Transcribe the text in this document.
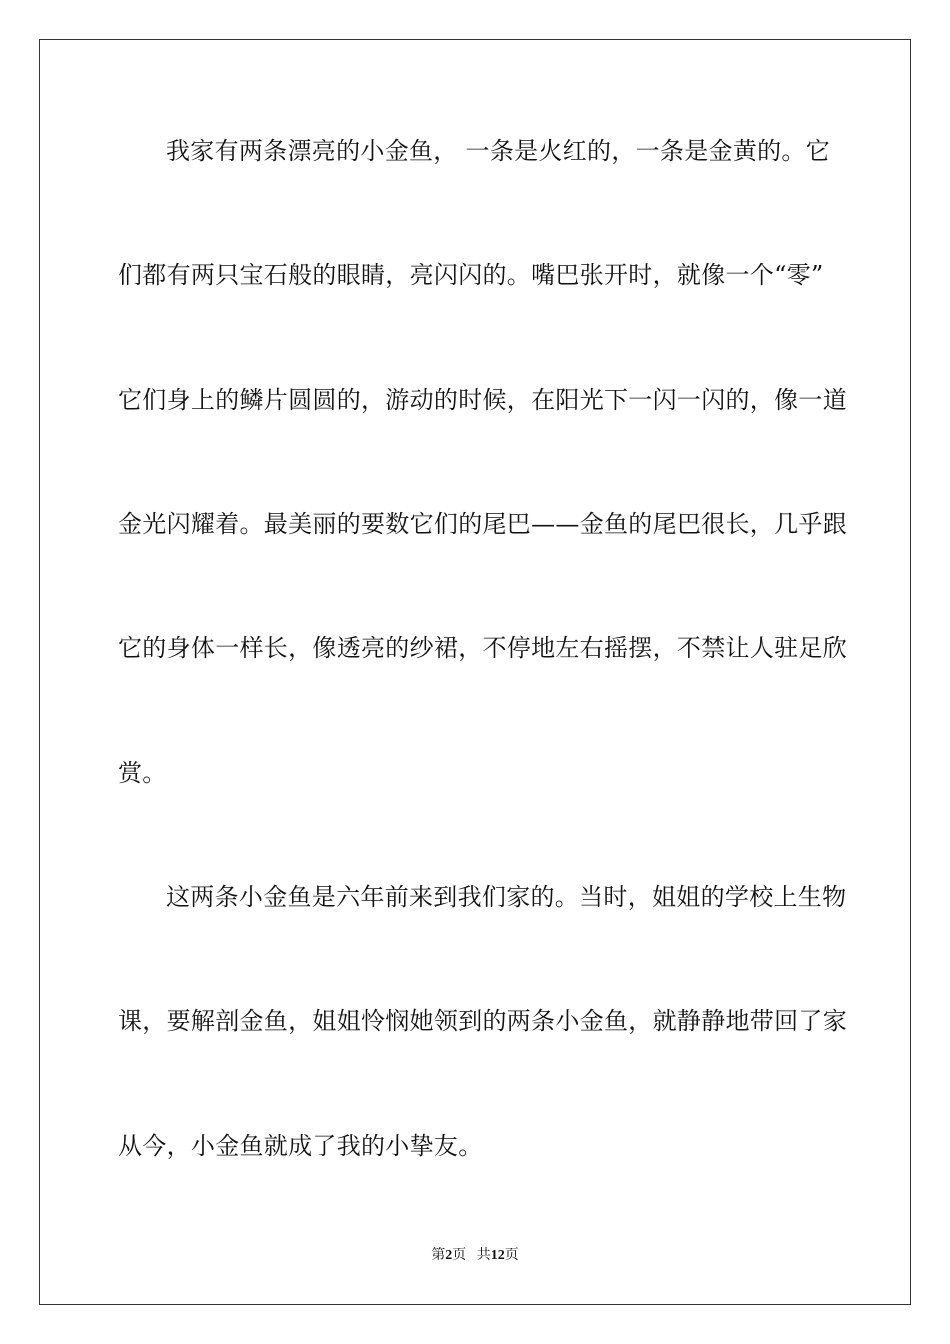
我家有两条漂亮的小金鱼， 一条是火红的，一条是金黄的。它
们都有两只宝石般的眼睛，亮闪闪的。嘴巴张开时，就像一个“零”
它们身上的鳞片圆圆的，游动的时候，在阳光下一闪一闪的，像一道
金光闪耀着。最美丽的要数它们的尾巴——金鱼的尾巴很长，几乎跟
它的身体一样长，像透亮的纱裙，不停地左右摇摆，不禁让人驻足欣
赏。
这两条小金鱼是六年前来到我们家的。当时，姐姐的学校上生物
课，要解剖金鱼，姐姐怜悯她领到的两条小金鱼，就静静地带回了家
从今，小金鱼就成了我的小挚友。
第2页 共12页
